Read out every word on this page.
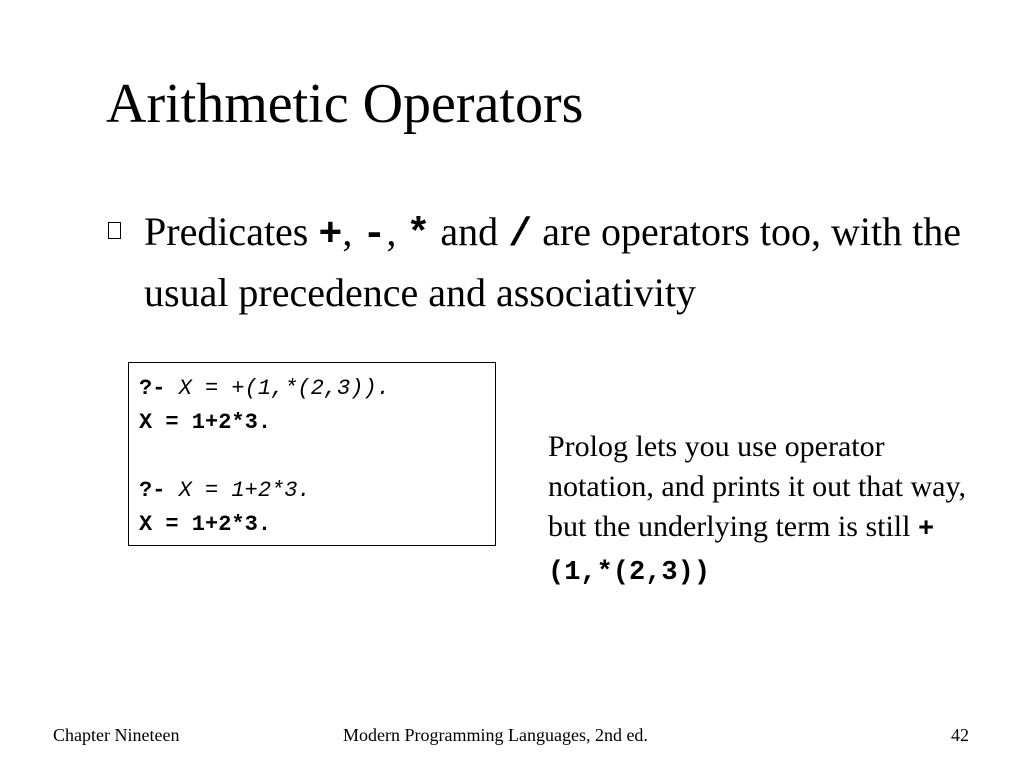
Arithmetic Operators
Predicates +, -, * and / are operators too, with the usual precedence and associativity
?- X = +(1,*(2,3)).
X = 1+2*3.
?- X = 1+2*3.
X = 1+2*3.
Prolog lets you use operator notation, and prints it out that way, but the underlying term is still +(1,*(2,3))
Chapter Nineteen	Modern Programming Languages, 2nd ed.	42
